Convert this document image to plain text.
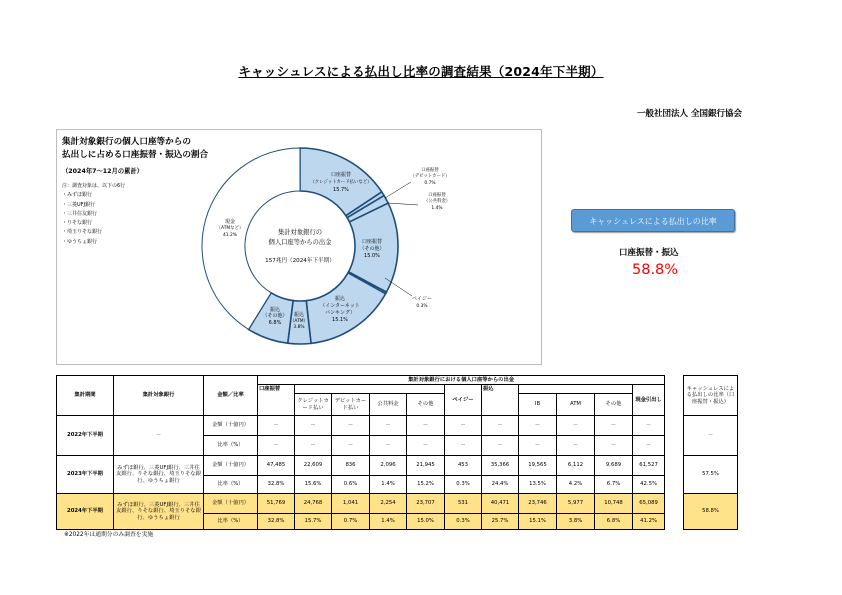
キャッシュレスによる払出し比率の調査結果（2024年下半期）
一般社団法人 全国銀行協会
集計対象銀行の個人口座等からの
払出しに占める口座振替・振込の割合
（2024年7～12月の累計）
注：調査対象は、以下の6行
・みずほ銀行
・三菱UFJ銀行
・三井住友銀行
・りそな銀行
・埼玉りそな銀行
・ゆうちょ銀行
集計対象銀行の
個人口座等からの出金
157兆円（2024年下半期）
口座振替
（クレジットカード払いなど）
15.7%
口座振替
（デビットカード）
0.7%
口座振替
（公共料金）
1.4%
口座振替
（その他）
15.0%
ペイジー
0.3%
振込
（インターネット
バンキング）
15.1%
振込
（ATM）
3.8%
振込
（その他）
6.8%
現金
（ATMなど）
41.2%
キャッシュレスによる払出しの比率
口座振替・振込
58.8%
集計期間	集計対象銀行	金額／比率	集計対象銀行における個人口座等からの出金										
			口座振替					ペイジー	振込				現金引出し
				クレジットカード払い	デビットカード払い	公共料金	その他			IB	ATM	その他	
2022年下半期	－	金額（十億円）	－	－	－	－	－	－	－	－	－	－	－
		比率（%）	－	－	－	－	－	－	－	－	－	－	－
2023年下半期	みずほ銀行、三菱UFJ銀行、三井住友銀行、りそな銀行、埼玉りそな銀行、ゆうちょ銀行	金額（十億円）	47,485	22,609	836	2,096	21,945	453	35,366	19,565	6,112	9,689	61,527
		比率（%）	32.8%	15.6%	0.6%	1.4%	15.2%	0.3%	24.4%	13.5%	4.2%	6.7%	42.5%
2024年下半期	みずほ銀行、三菱UFJ銀行、三井住友銀行、りそな銀行、埼玉りそな銀行、ゆうちょ銀行	金額（十億円）	51,769	24,768	1,041	2,254	23,707	531	40,471	23,746	5,977	10,748	65,089
		比率（%）	32.8%	15.7%	0.7%	1.4%	15.0%	0.3%	25.7%	15.1%	3.8%	6.8%	41.2%
キャッシュレスによる払出しの比率（口座振替・振込）
－
57.5%
58.8%
※2022年は通期分のみ調査を実施
